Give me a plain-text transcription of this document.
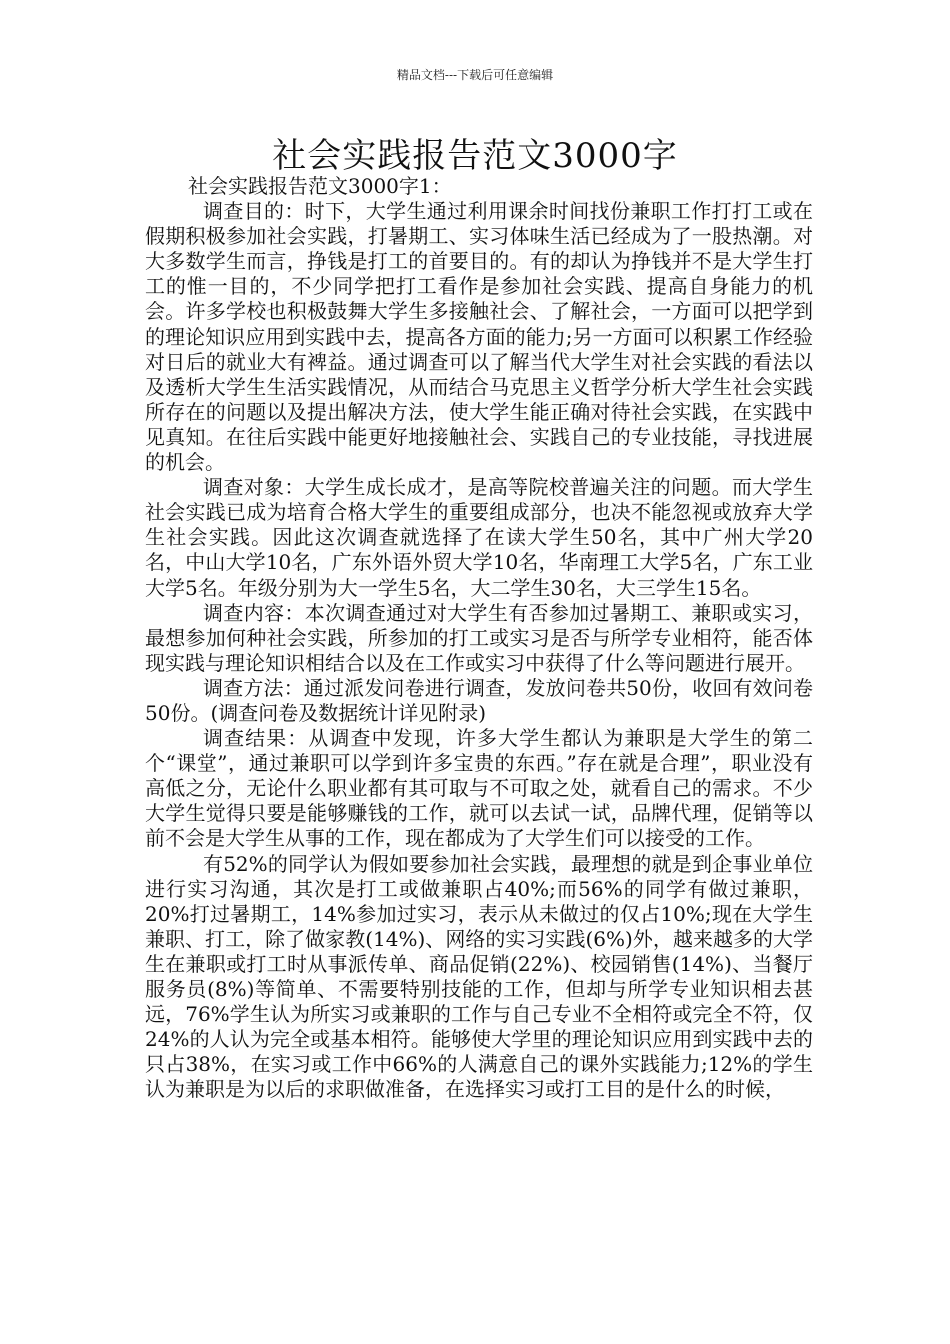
精品文档---下载后可任意编辑
社会实践报告范文3000字

社会实践报告范文3000字1：

调查目的：时下，大学生通过利用课余时间找份兼职工作打打工或在假期积极参加社会实践，打暑期工、实习体味生活已经成为了一股热潮。对大多数学生而言，挣钱是打工的首要目的。有的却认为挣钱并不是大学生打工的惟一目的，不少同学把打工看作是参加社会实践、提高自身能力的机会。许多学校也积极鼓舞大学生多接触社会、了解社会，一方面可以把学到的理论知识应用到实践中去，提高各方面的能力;另一方面可以积累工作经验对日后的就业大有裨益。通过调查可以了解当代大学生对社会实践的看法以及透析大学生生活实践情况，从而结合马克思主义哲学分析大学生社会实践所存在的问题以及提出解决方法，使大学生能正确对待社会实践，在实践中见真知。在往后实践中能更好地接触社会、实践自己的专业技能，寻找进展的机会。

调查对象：大学生成长成才，是高等院校普遍关注的问题。而大学生社会实践已成为培育合格大学生的重要组成部分，也决不能忽视或放弃大学生社会实践。因此这次调查就选择了在读大学生50名，其中广州大学20名，中山大学10名，广东外语外贸大学10名，华南理工大学5名，广东工业大学5名。年级分别为大一学生5名，大二学生30名，大三学生15名。

调查内容：本次调查通过对大学生有否参加过暑期工、兼职或实习，最想参加何种社会实践，所参加的打工或实习是否与所学专业相符，能否体现实践与理论知识相结合以及在工作或实习中获得了什么等问题进行展开。

调查方法：通过派发问卷进行调查，发放问卷共50份，收回有效问卷50份。(调查问卷及数据统计详见附录)

调查结果：从调查中发现，许多大学生都认为兼职是大学生的第二个“课堂”，通过兼职可以学到许多宝贵的东西。”存在就是合理”，职业没有高低之分，无论什么职业都有其可取与不可取之处，就看自己的需求。不少大学生觉得只要是能够赚钱的工作，就可以去试一试，品牌代理，促销等以前不会是大学生从事的工作，现在都成为了大学生们可以接受的工作。

有52%的同学认为假如要参加社会实践，最理想的就是到企事业单位进行实习沟通，其次是打工或做兼职占40%;而56%的同学有做过兼职，20%打过暑期工，14%参加过实习，表示从未做过的仅占10%;现在大学生兼职、打工，除了做家教(14%)、网络的实习实践(6%)外，越来越多的大学生在兼职或打工时从事派传单、商品促销(22%)、校园销售(14%)、当餐厅服务员(8%)等简单、不需要特别技能的工作，但却与所学专业知识相去甚远，76%学生认为所实习或兼职的工作与自己专业不全相符或完全不符，仅24%的人认为完全或基本相符。能够使大学里的理论知识应用到实践中去的只占38%，在实习或工作中66%的人满意自己的课外实践能力;12%的学生认为兼职是为以后的求职做准备，在选择实习或打工目的是什么的时候，
